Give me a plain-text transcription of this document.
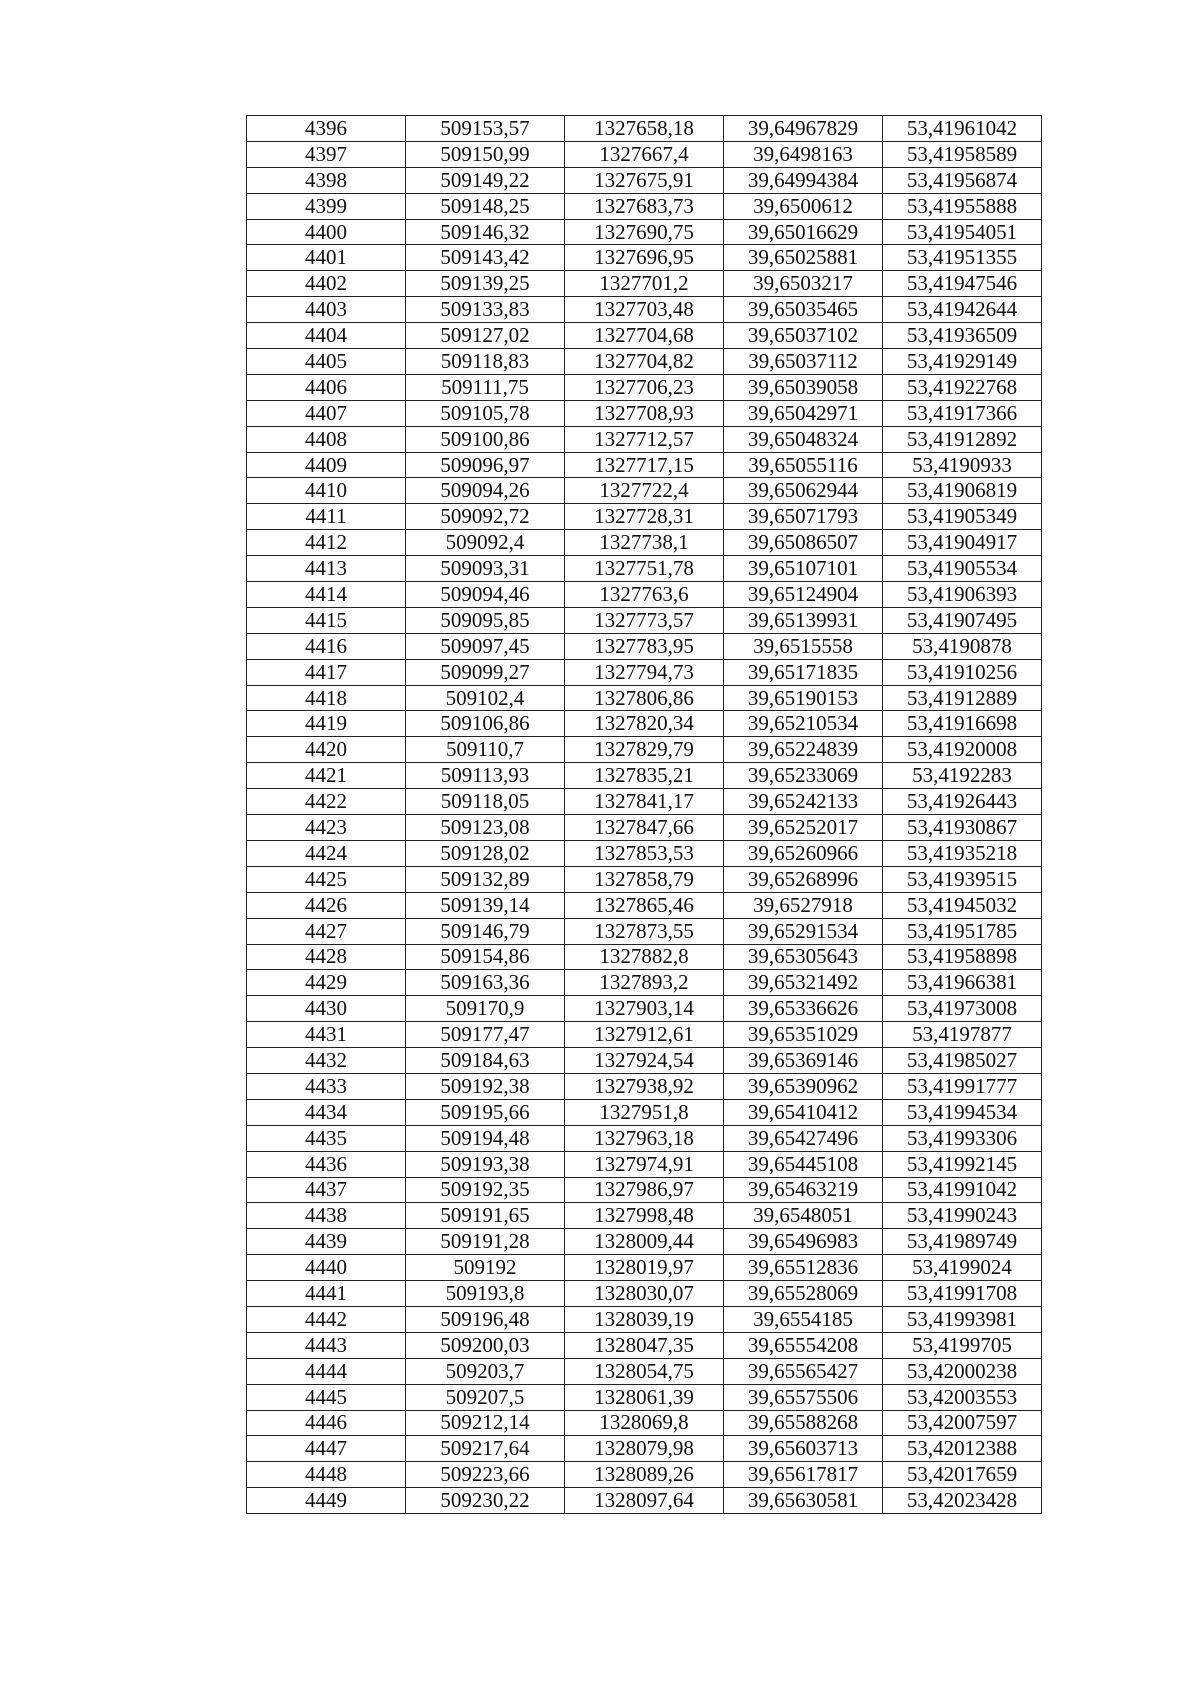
4396	509153,57	1327658,18	39,64967829	53,41961042
4397	509150,99	1327667,4	39,6498163	53,41958589
4398	509149,22	1327675,91	39,64994384	53,41956874
4399	509148,25	1327683,73	39,6500612	53,41955888
4400	509146,32	1327690,75	39,65016629	53,41954051
4401	509143,42	1327696,95	39,65025881	53,41951355
4402	509139,25	1327701,2	39,6503217	53,41947546
4403	509133,83	1327703,48	39,65035465	53,41942644
4404	509127,02	1327704,68	39,65037102	53,41936509
4405	509118,83	1327704,82	39,65037112	53,41929149
4406	509111,75	1327706,23	39,65039058	53,41922768
4407	509105,78	1327708,93	39,65042971	53,41917366
4408	509100,86	1327712,57	39,65048324	53,41912892
4409	509096,97	1327717,15	39,65055116	53,4190933
4410	509094,26	1327722,4	39,65062944	53,41906819
4411	509092,72	1327728,31	39,65071793	53,41905349
4412	509092,4	1327738,1	39,65086507	53,41904917
4413	509093,31	1327751,78	39,65107101	53,41905534
4414	509094,46	1327763,6	39,65124904	53,41906393
4415	509095,85	1327773,57	39,65139931	53,41907495
4416	509097,45	1327783,95	39,6515558	53,4190878
4417	509099,27	1327794,73	39,65171835	53,41910256
4418	509102,4	1327806,86	39,65190153	53,41912889
4419	509106,86	1327820,34	39,65210534	53,41916698
4420	509110,7	1327829,79	39,65224839	53,41920008
4421	509113,93	1327835,21	39,65233069	53,4192283
4422	509118,05	1327841,17	39,65242133	53,41926443
4423	509123,08	1327847,66	39,65252017	53,41930867
4424	509128,02	1327853,53	39,65260966	53,41935218
4425	509132,89	1327858,79	39,65268996	53,41939515
4426	509139,14	1327865,46	39,6527918	53,41945032
4427	509146,79	1327873,55	39,65291534	53,41951785
4428	509154,86	1327882,8	39,65305643	53,41958898
4429	509163,36	1327893,2	39,65321492	53,41966381
4430	509170,9	1327903,14	39,65336626	53,41973008
4431	509177,47	1327912,61	39,65351029	53,4197877
4432	509184,63	1327924,54	39,65369146	53,41985027
4433	509192,38	1327938,92	39,65390962	53,41991777
4434	509195,66	1327951,8	39,65410412	53,41994534
4435	509194,48	1327963,18	39,65427496	53,41993306
4436	509193,38	1327974,91	39,65445108	53,41992145
4437	509192,35	1327986,97	39,65463219	53,41991042
4438	509191,65	1327998,48	39,6548051	53,41990243
4439	509191,28	1328009,44	39,65496983	53,41989749
4440	509192	1328019,97	39,65512836	53,4199024
4441	509193,8	1328030,07	39,65528069	53,41991708
4442	509196,48	1328039,19	39,6554185	53,41993981
4443	509200,03	1328047,35	39,65554208	53,4199705
4444	509203,7	1328054,75	39,65565427	53,42000238
4445	509207,5	1328061,39	39,65575506	53,42003553
4446	509212,14	1328069,8	39,65588268	53,42007597
4447	509217,64	1328079,98	39,65603713	53,42012388
4448	509223,66	1328089,26	39,65617817	53,42017659
4449	509230,22	1328097,64	39,65630581	53,42023428
